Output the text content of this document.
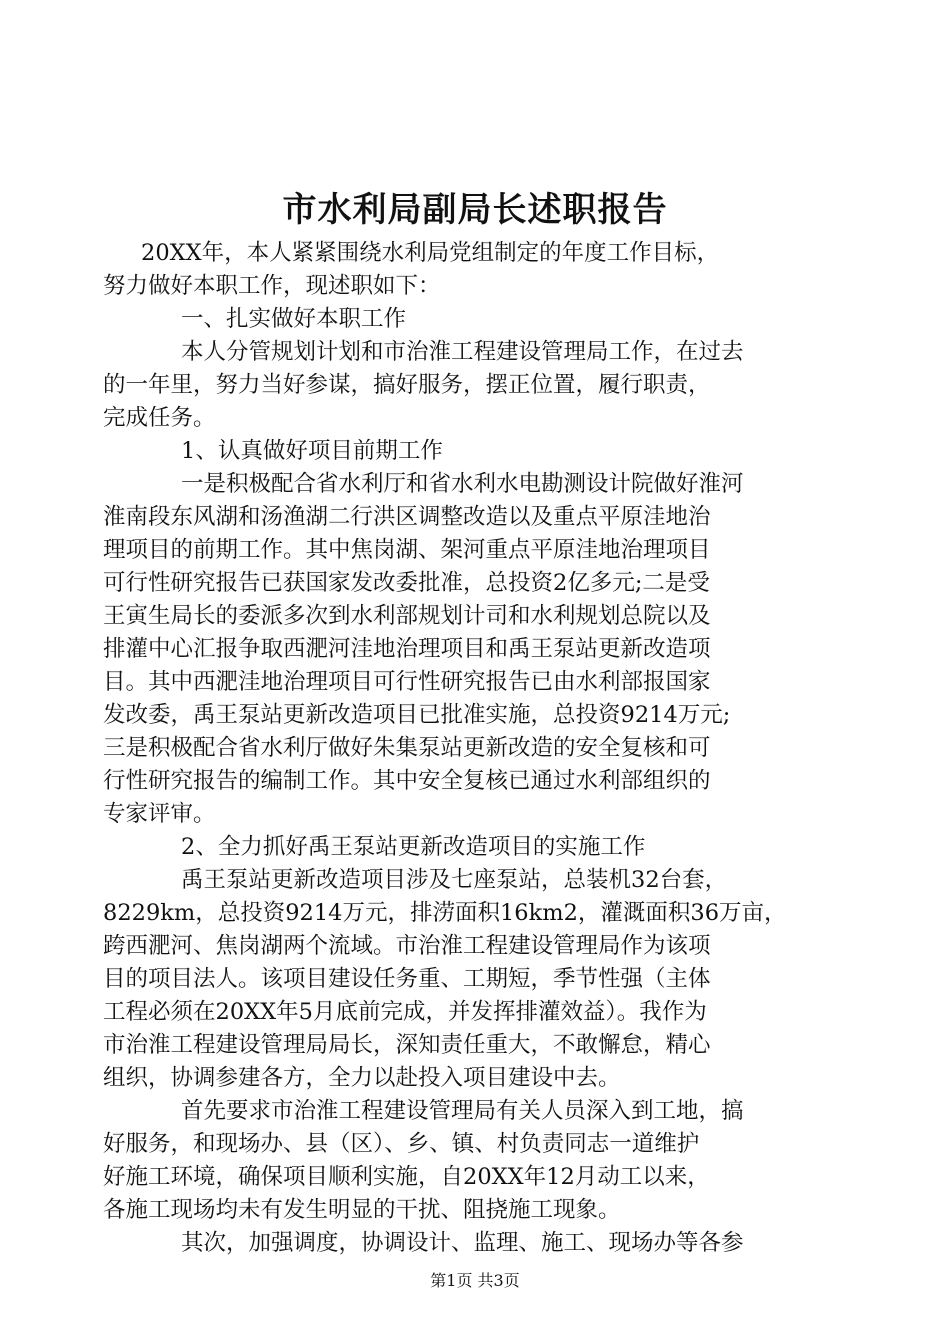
市水利局副局长述职报告
20XX年，本人紧紧围绕水利局党组制定的年度工作目标，
努力做好本职工作，现述职如下：
一、扎实做好本职工作
本人分管规划计划和市治淮工程建设管理局工作，在过去
的一年里，努力当好参谋，搞好服务，摆正位置，履行职责，
完成任务。
1、认真做好项目前期工作
一是积极配合省水利厅和省水利水电勘测设计院做好淮河
淮南段东风湖和汤渔湖二行洪区调整改造以及重点平原洼地治
理项目的前期工作。其中焦岗湖、架河重点平原洼地治理项目
可行性研究报告已获国家发改委批准，总投资2亿多元;二是受
王寅生局长的委派多次到水利部规划计司和水利规划总院以及
排灌中心汇报争取西淝河洼地治理项目和禹王泵站更新改造项
目。其中西淝洼地治理项目可行性研究报告已由水利部报国家
发改委，禹王泵站更新改造项目已批准实施，总投资9214万元;
三是积极配合省水利厅做好朱集泵站更新改造的安全复核和可
行性研究报告的编制工作。其中安全复核已通过水利部组织的
专家评审。
2、全力抓好禹王泵站更新改造项目的实施工作
禹王泵站更新改造项目涉及七座泵站，总装机32台套，
8229km，总投资9214万元，排涝面积16km2，灌溉面积36万亩，
跨西淝河、焦岗湖两个流域。市治淮工程建设管理局作为该项
目的项目法人。该项目建设任务重、工期短，季节性强（主体
工程必须在20XX年5月底前完成，并发挥排灌效益）。我作为
市治淮工程建设管理局局长，深知责任重大，不敢懈怠，精心
组织，协调参建各方，全力以赴投入项目建设中去。
首先要求市治淮工程建设管理局有关人员深入到工地，搞
好服务，和现场办、县（区）、乡、镇、村负责同志一道维护
好施工环境，确保项目顺利实施，自20XX年12月动工以来，
各施工现场均未有发生明显的干扰、阻挠施工现象。
其次，加强调度，协调设计、监理、施工、现场办等各参
第1页 共3页
